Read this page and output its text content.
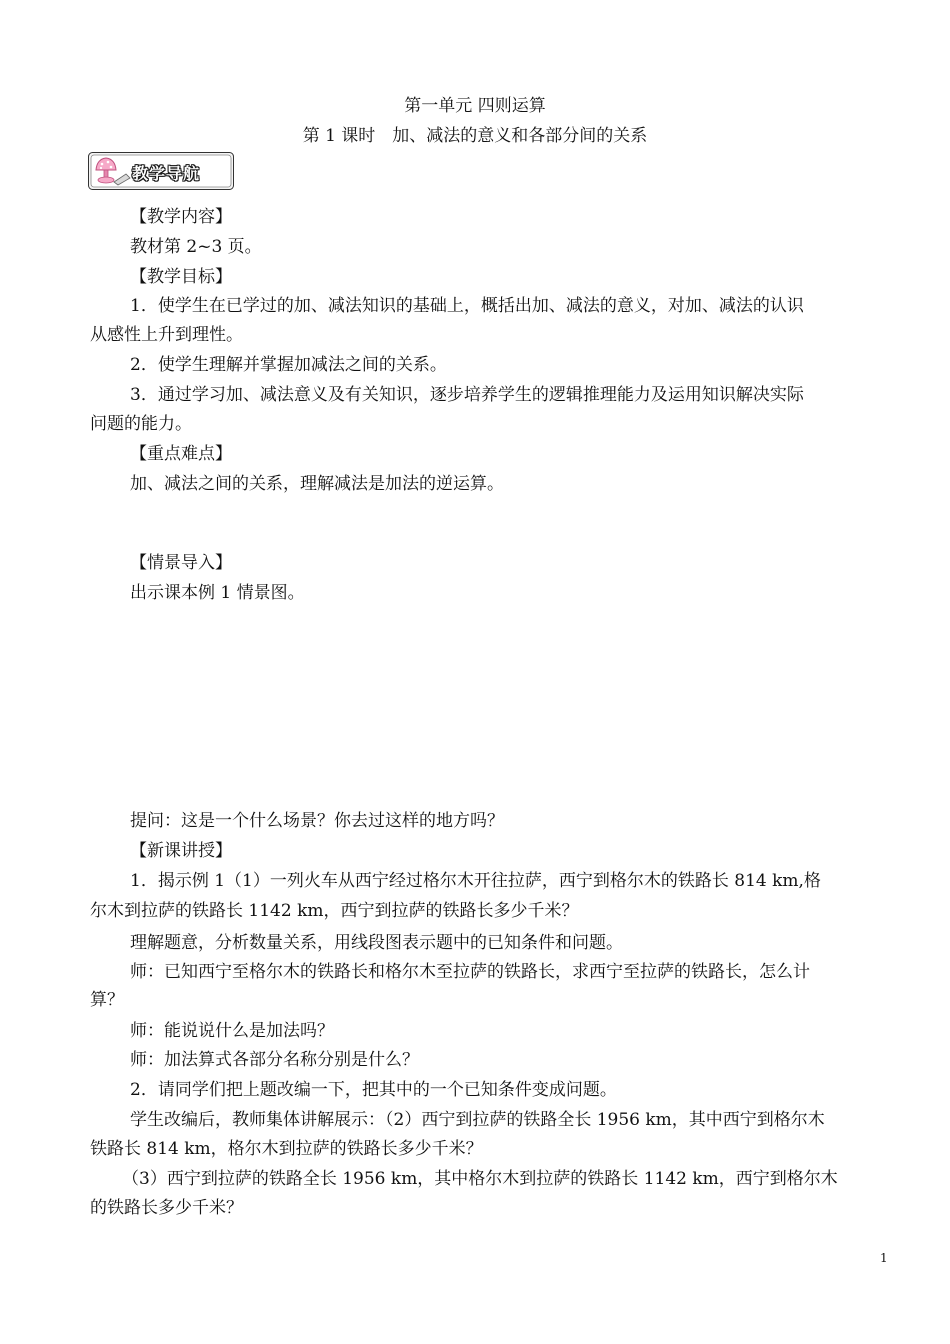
第一单元 四则运算
第 1 课时　加、减法的意义和各部分间的关系
教学导航
【教学内容】
教材第 2~3 页。
【教学目标】
1．使学生在已学过的加、减法知识的基础上，概括出加、减法的意义，对加、减法的认识
从感性上升到理性。
2．使学生理解并掌握加减法之间的关系。
3．通过学习加、减法意义及有关知识，逐步培养学生的逻辑推理能力及运用知识解决实际
问题的能力。
【重点难点】
加、减法之间的关系，理解减法是加法的逆运算。
【情景导入】
出示课本例 1 情景图。
提问：这是一个什么场景？你去过这样的地方吗？
【新课讲授】
1．揭示例 1（1）一列火车从西宁经过格尔木开往拉萨，西宁到格尔木的铁路长 814 km,格
尔木到拉萨的铁路长 1142 km，西宁到拉萨的铁路长多少千米？
理解题意，分析数量关系，用线段图表示题中的已知条件和问题。
师：已知西宁至格尔木的铁路长和格尔木至拉萨的铁路长，求西宁至拉萨的铁路长，怎么计
算？
师：能说说什么是加法吗？
师：加法算式各部分名称分别是什么？
2．请同学们把上题改编一下，把其中的一个已知条件变成问题。
学生改编后，教师集体讲解展示：（2）西宁到拉萨的铁路全长 1956 km，其中西宁到格尔木
铁路长 814 km，格尔木到拉萨的铁路长多少千米？
（3）西宁到拉萨的铁路全长 1956 km，其中格尔木到拉萨的铁路长 1142 km，西宁到格尔木
的铁路长多少千米？
1
